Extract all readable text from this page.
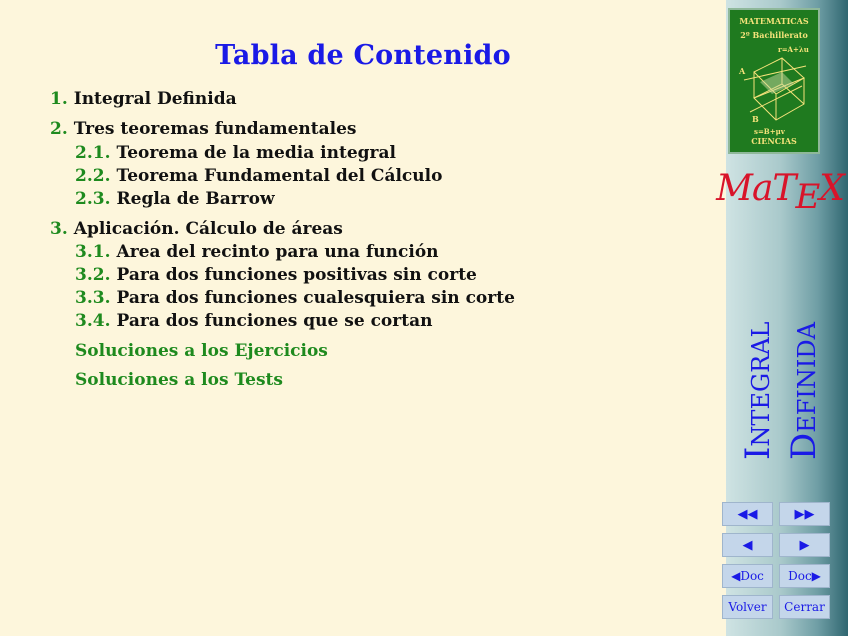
Tabla de Contenido
1. Integral Definida
2. Tres teoremas fundamentales
2.1. Teorema de la media integral
2.2. Teorema Fundamental del Cálculo
2.3. Regla de Barrow
3. Aplicación. Cálculo de áreas
3.1. Area del recinto para una función
3.2. Para dos funciones positivas sin corte
3.3. Para dos funciones cualesquiera sin corte
3.4. Para dos funciones que se cortan
Soluciones a los Ejercicios
Soluciones a los Tests
MATEMATICAS
2º Bachillerato
r=A+λu
A
B
s=B+μv
CIENCIAS
MaTEX
Integral Definida
◀◀	▶▶
◀	▶
◀Doc	Doc▶
Volver	Cerrar
